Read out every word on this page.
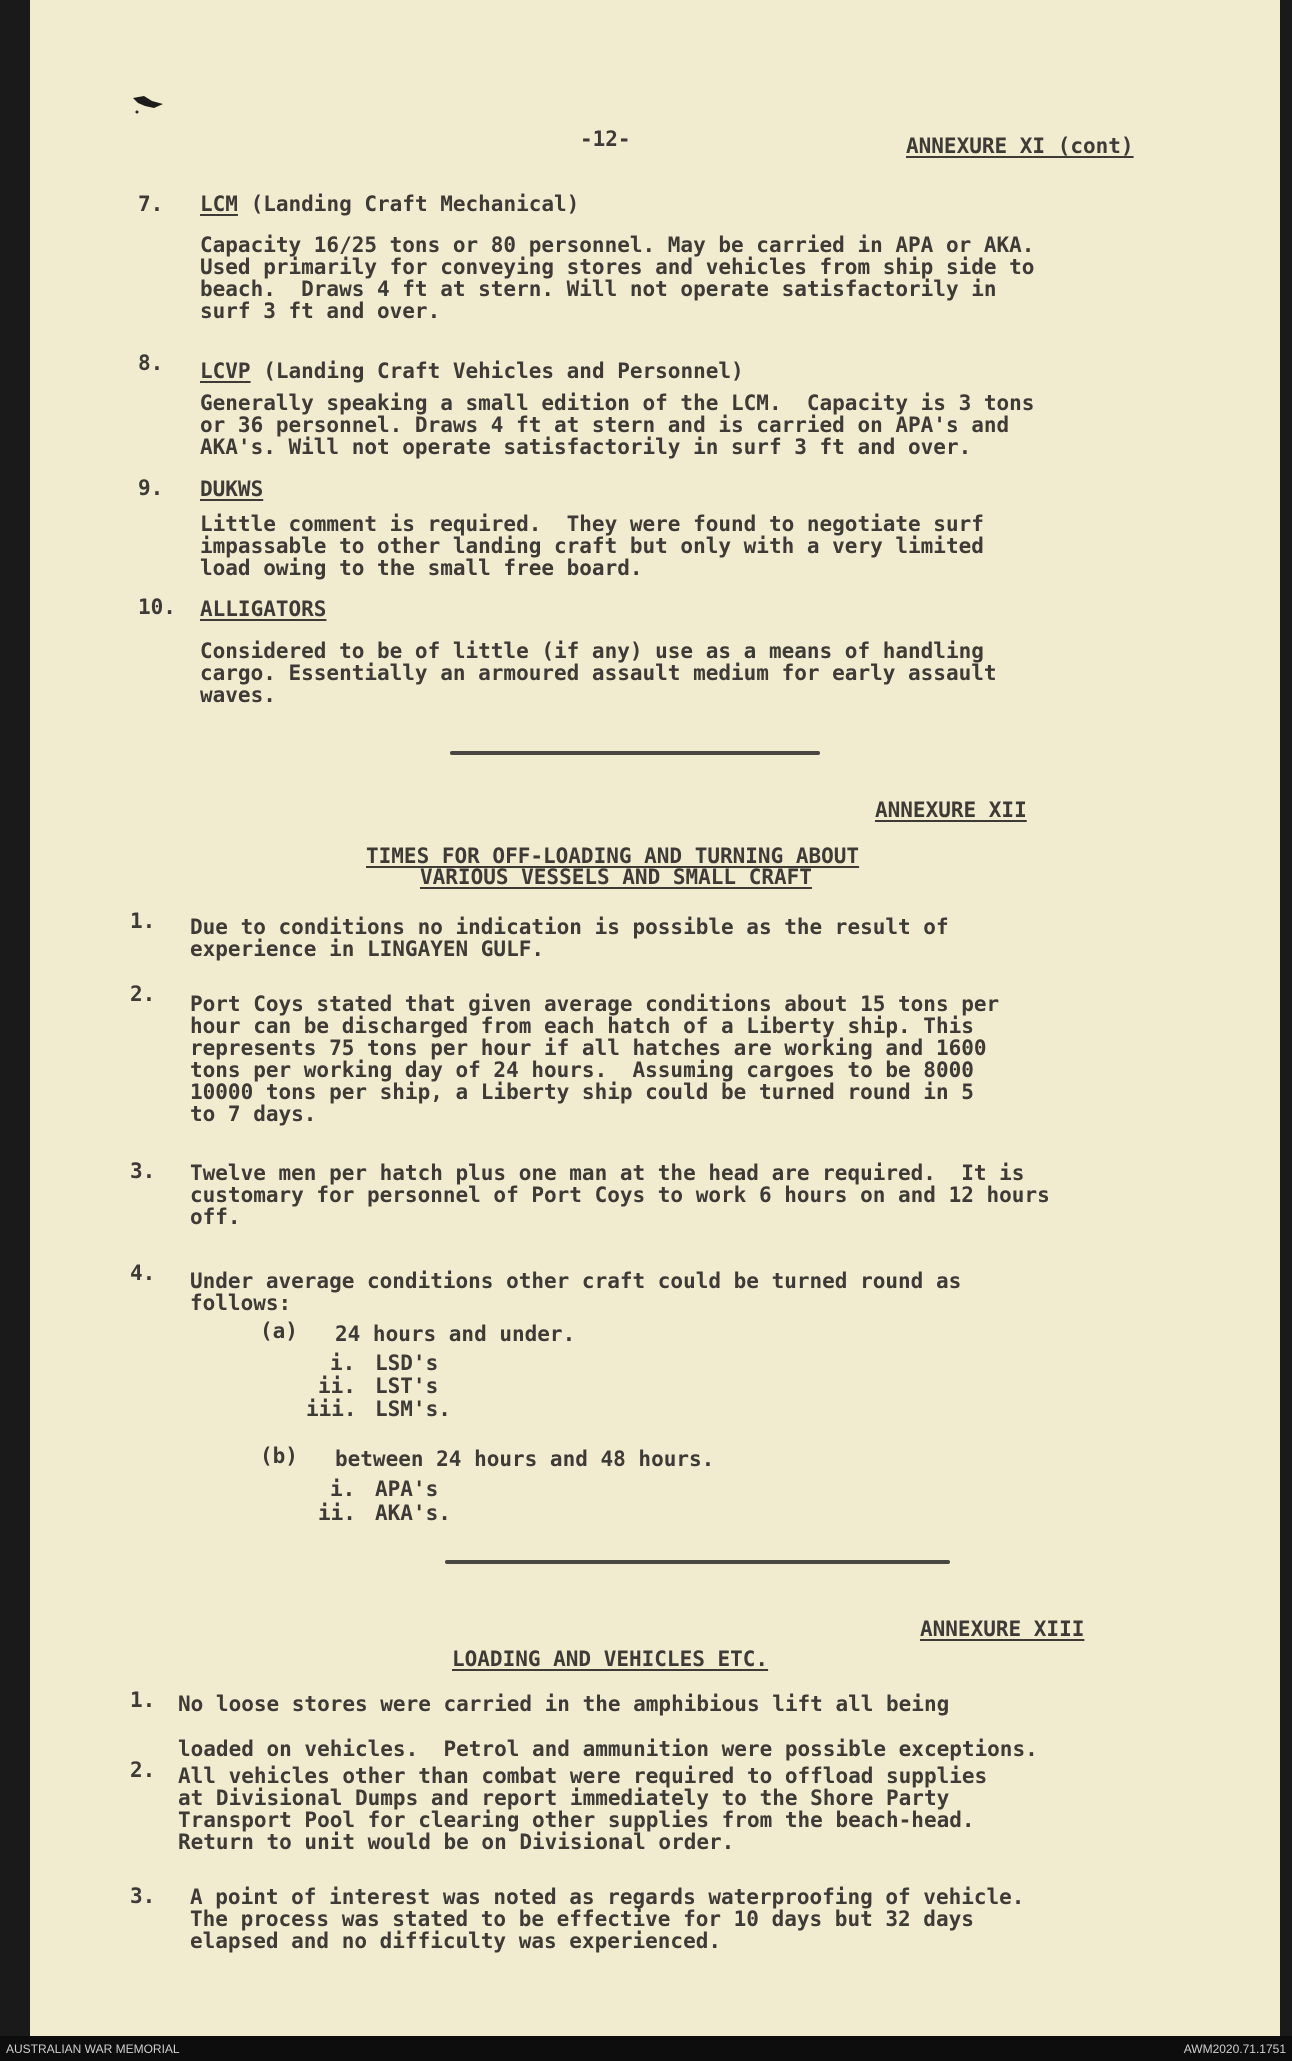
-12-	ANNEXURE XI (cont)
7. LCM (Landing Craft Mechanical)
Capacity 16/25 tons or 80 personnel. May be carried in APA or AKA.
Used primarily for conveying stores and vehicles from ship side to
beach.  Draws 4 ft at stern. Will not operate satisfactorily in
surf 3 ft and over.
8. LCVP (Landing Craft Vehicles and Personnel)
Generally speaking a small edition of the LCM.  Capacity is 3 tons
or 36 personnel. Draws 4 ft at stern and is carried on APA's and
AKA's. Will not operate satisfactorily in surf 3 ft and over.
9. DUKWS
Little comment is required.  They were found to negotiate surf
impassable to other landing craft but only with a very limited
load owing to the small free board.
10. ALLIGATORS
Considered to be of little (if any) use as a means of handling
cargo. Essentially an armoured assault medium for early assault
waves.
ANNEXURE XII
TIMES FOR OFF-LOADING AND TURNING ABOUT
VARIOUS VESSELS AND SMALL CRAFT
1. Due to conditions no indication is possible as the result of
experience in LINGAYEN GULF.
2. Port Coys stated that given average conditions about 15 tons per
hour can be discharged from each hatch of a Liberty ship. This
represents 75 tons per hour if all hatches are working and 1600
tons per working day of 24 hours.  Assuming cargoes to be 8000
10000 tons per ship, a Liberty ship could be turned round in 5
to 7 days.
3. Twelve men per hatch plus one man at the head are required.  It is
customary for personnel of Port Coys to work 6 hours on and 12 hours
off.
4. Under average conditions other craft could be turned round as
follows:
(a) 24 hours and under.
i. LSD's
ii. LST's
iii. LSM's.
(b) between 24 hours and 48 hours.
i. APA's
ii. AKA's.
ANNEXURE XIII
LOADING AND VEHICLES ETC.
1. No loose stores were carried in the amphibious lift all being
loaded on vehicles.  Petrol and ammunition were possible exceptions.
2. All vehicles other than combat were required to offload supplies
at Divisional Dumps and report immediately to the Shore Party
Transport Pool for clearing other supplies from the beach-head.
Return to unit would be on Divisional order.
3. A point of interest was noted as regards waterproofing of vehicle.
The process was stated to be effective for 10 days but 32 days
elapsed and no difficulty was experienced.
AUSTRALIAN WAR MEMORIAL	AWM2020.71.1751
